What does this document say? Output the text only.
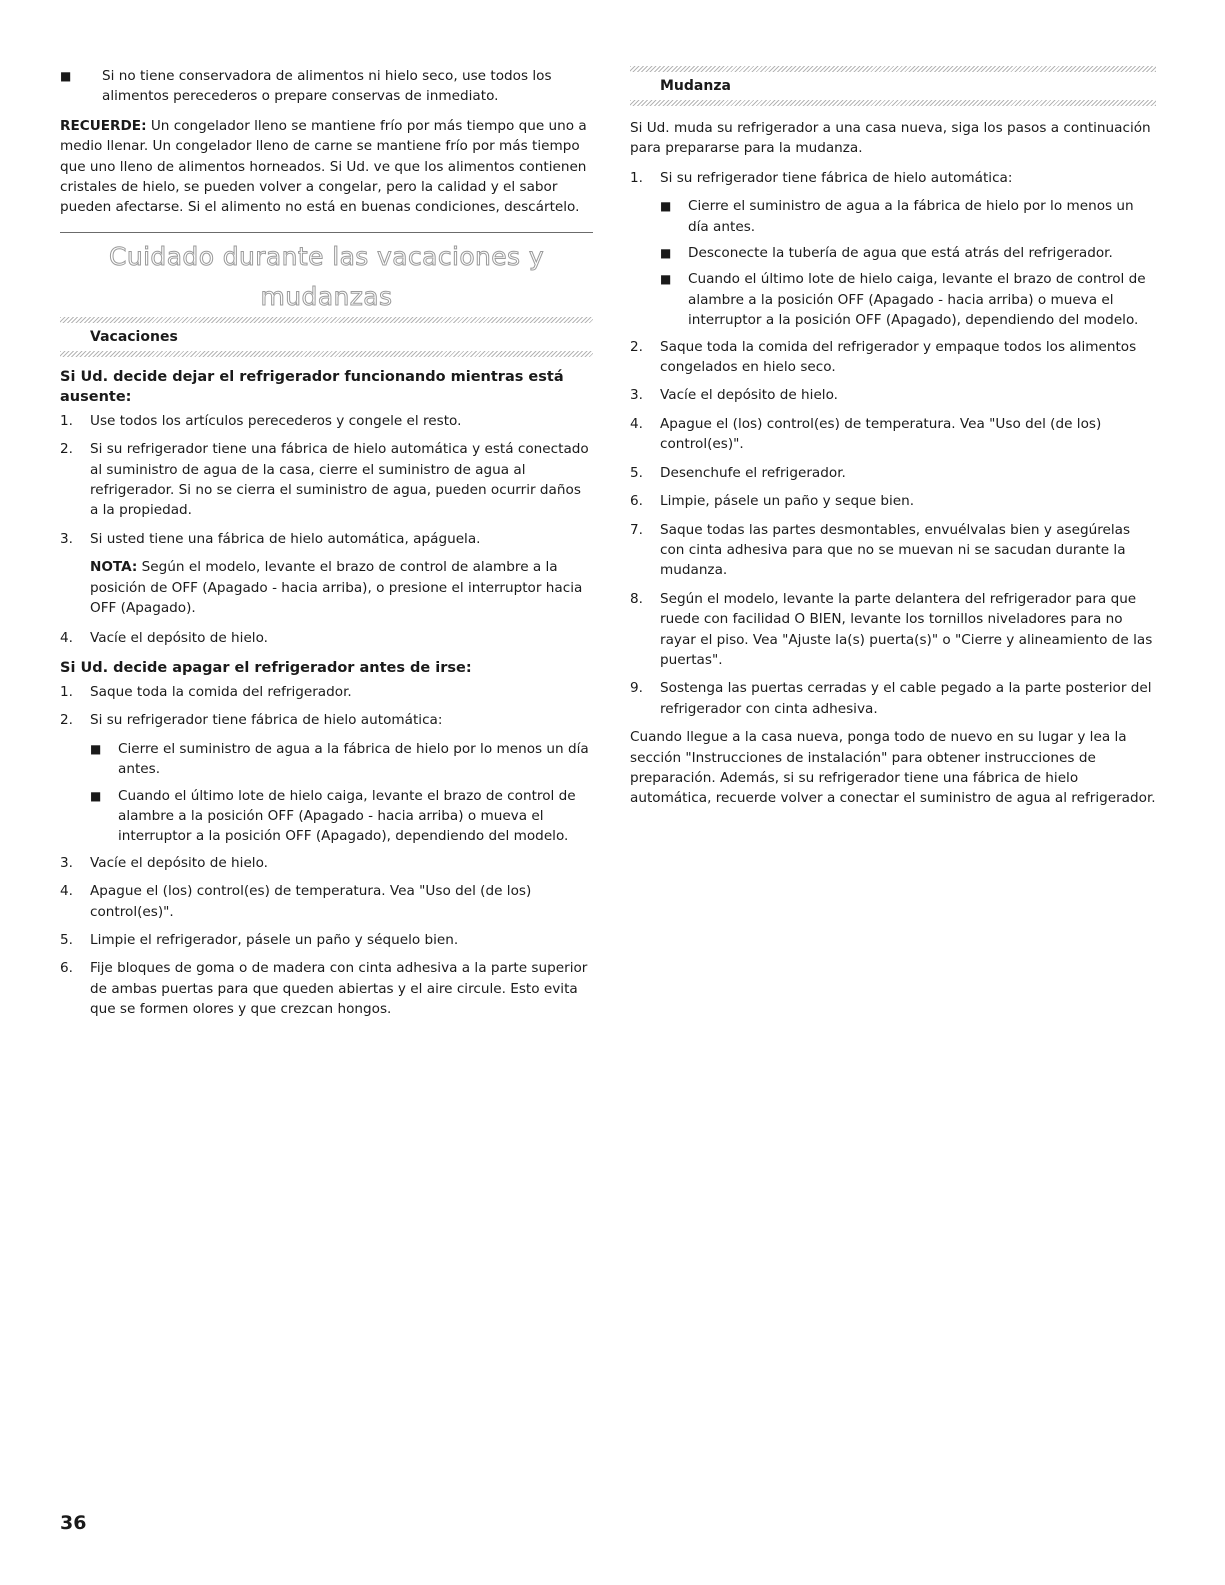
■
Si no tiene conservadora de alimentos ni hielo seco, use todos los alimentos perecederos o prepare conservas de inmediato.

RECUERDE: Un congelador lleno se mantiene frío por más tiempo que uno a medio llenar. Un congelador lleno de carne se mantiene frío por más tiempo que uno lleno de alimentos horneados. Si Ud. ve que los alimentos contienen cristales de hielo, se pueden volver a congelar, pero la calidad y el sabor pueden afectarse. Si el alimento no está en buenas condiciones, descártelo.

Cuidado durante las vacaciones y mudanzas
Vacaciones
Si Ud. decide dejar el refrigerador funcionando mientras está ausente:
1.	Use todos los artículos perecederos y congele el resto.
2.	Si su refrigerador tiene una fábrica de hielo automática y está conectado al suministro de agua de la casa, cierre el suministro de agua al refrigerador. Si no se cierra el suministro de agua, pueden ocurrir daños a la propiedad.
3.	Si usted tiene una fábrica de hielo automática, apáguela.

NOTA: Según el modelo, levante el brazo de control de alambre a la posición de OFF (Apagado - hacia arriba), o presione el interruptor hacia OFF (Apagado).

4.	Vacíe el depósito de hielo.
Si Ud. decide apagar el refrigerador antes de irse:
1.	Saque toda la comida del refrigerador.
2.	Si su refrigerador tiene fábrica de hielo automática:
■
Cierre el suministro de agua a la fábrica de hielo por lo menos un día antes.
■
Cuando el último lote de hielo caiga, levante el brazo de control de alambre a la posición OFF (Apagado - hacia arriba) o mueva el interruptor a la posición OFF (Apagado), dependiendo del modelo.
3.	Vacíe el depósito de hielo.
4.	Apague el (los) control(es) de temperatura. Vea "Uso del (de los) control(es)".
5.	Limpie el refrigerador, pásele un paño y séquelo bien.
6.	Fije bloques de goma o de madera con cinta adhesiva a la parte superior de ambas puertas para que queden abiertas y el aire circule. Esto evita que se formen olores y que crezcan hongos.
Mudanza

Si Ud. muda su refrigerador a una casa nueva, siga los pasos a continuación para prepararse para la mudanza.

1.	Si su refrigerador tiene fábrica de hielo automática:
■
Cierre el suministro de agua a la fábrica de hielo por lo menos un día antes.
■
Desconecte la tubería de agua que está atrás del refrigerador.
■
Cuando el último lote de hielo caiga, levante el brazo de control de alambre a la posición OFF (Apagado - hacia arriba) o mueva el interruptor a la posición OFF (Apagado), dependiendo del modelo.
2.	Saque toda la comida del refrigerador y empaque todos los alimentos congelados en hielo seco.
3.	Vacíe el depósito de hielo.
4.	Apague el (los) control(es) de temperatura. Vea "Uso del (de los) control(es)".
5.	Desenchufe el refrigerador.
6.	Limpie, pásele un paño y seque bien.
7.	Saque todas las partes desmontables, envuélvalas bien y asegúrelas con cinta adhesiva para que no se muevan ni se sacudan durante la mudanza.
8.	Según el modelo, levante la parte delantera del refrigerador para que ruede con facilidad O BIEN, levante los tornillos niveladores para no rayar el piso. Vea "Ajuste la(s) puerta(s)" o "Cierre y alineamiento de las puertas".
9.	Sostenga las puertas cerradas y el cable pegado a la parte posterior del refrigerador con cinta adhesiva.

Cuando llegue a la casa nueva, ponga todo de nuevo en su lugar y lea la sección "Instrucciones de instalación" para obtener instrucciones de preparación. Además, si su refrigerador tiene una fábrica de hielo automática, recuerde volver a conectar el suministro de agua al refrigerador.

36
